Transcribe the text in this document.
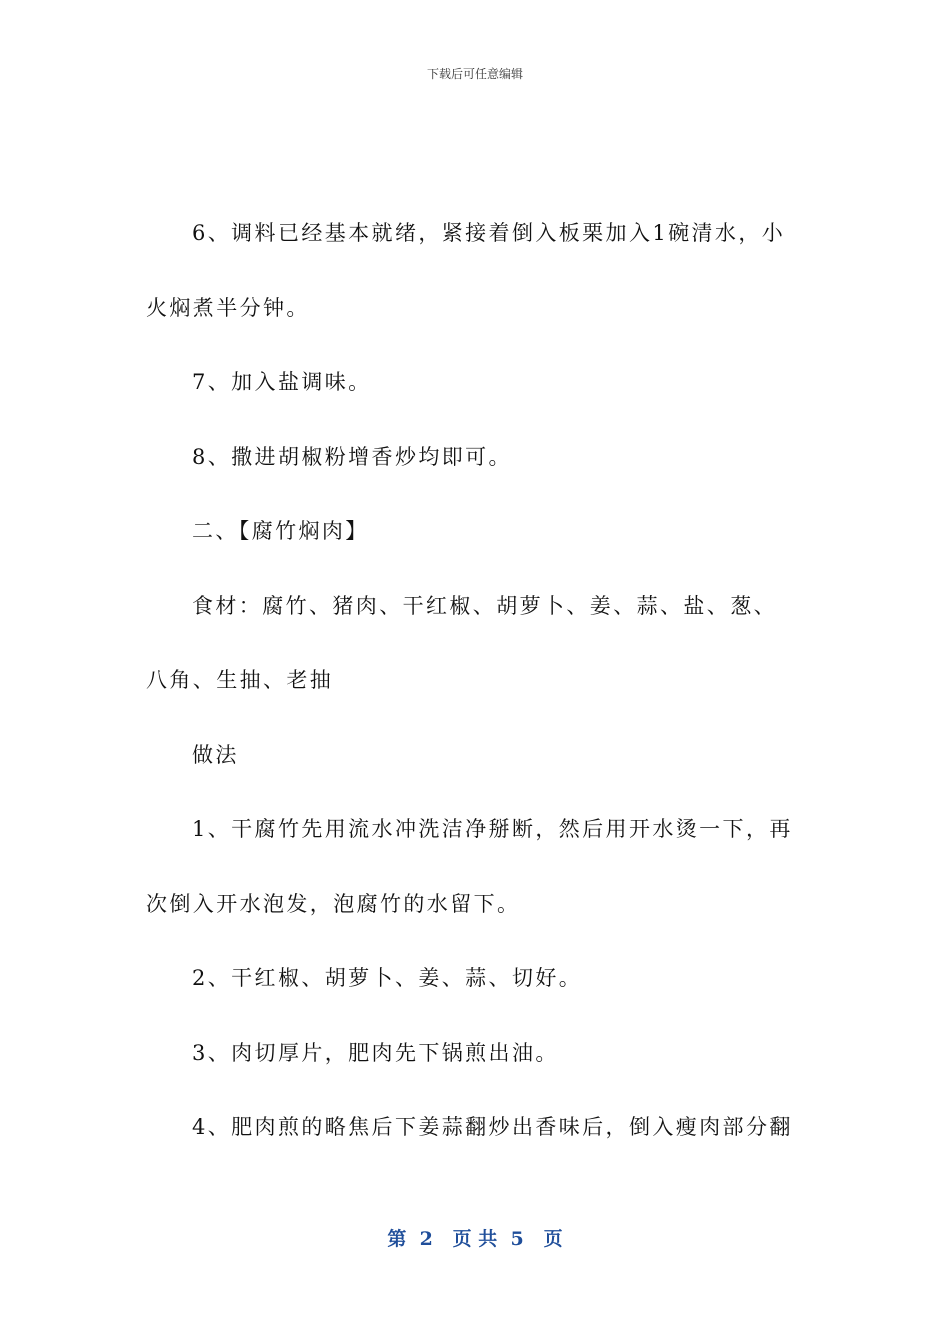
下载后可任意编辑

6、调料已经基本就绪，紧接着倒入板栗加入1碗清水，小

火焖煮半分钟。

7、加入盐调味。

8、撒进胡椒粉增香炒均即可。

二、【腐竹焖肉】

食材：腐竹、猪肉、干红椒、胡萝卜、姜、蒜、盐、葱、

八角、生抽、老抽

做法

1、干腐竹先用流水冲洗洁净掰断，然后用开水烫一下，再

次倒入开水泡发，泡腐竹的水留下。

2、干红椒、胡萝卜、姜、蒜、切好。

3、肉切厚片，肥肉先下锅煎出油。

4、肥肉煎的略焦后下姜蒜翻炒出香味后，倒入瘦肉部分翻

第  2   页 共  5   页
